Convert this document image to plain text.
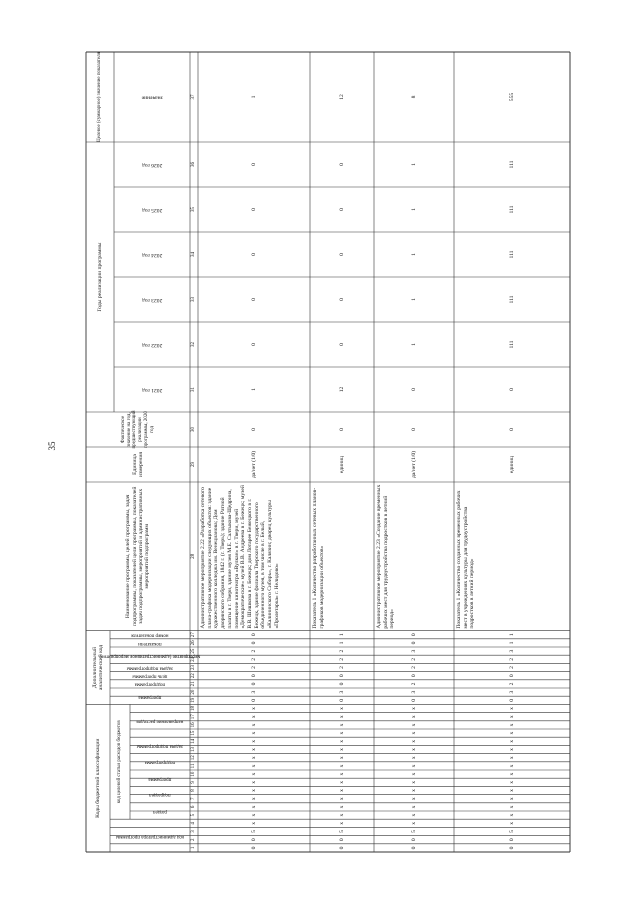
35
Коды бюджетной классификации
Дополнительный аналитический код
код целевой статьи расходов бюджетов
код администратора программы
раздел
подраздел
программа
подпрограмма
задача подпрограммы
направление расходов
программа
подпрограмма
цель программы
задача подпрограммы
мероприятие (административное мероприятие)
показатели
номер показателя
Наименование программы, целей программы, задач подпрограммы, показателей цели программы, показателей задач подпрограммы, мероприятий и административных мероприятий подпрограмм
Единица измерения
Фактическое значение на год, предшествующий реализации программы, 2020 год
Годы реализации программы
2021 год
2022 год
2023 год
2024 год
2025 год
2026 год
Целевое (суммарное) значение показателя	значение
1
2
3
4
5
6
7
8
9
10
11
12
13
14
15
16
17
18
19
20
21
22
23
24
25
26
27
28
29
30
31
32
33
34
35
36
37
0
0
5
х
х
х
х
х
х
х
х
х
х
х
х
х
х
х
0
3
0
0
2
2
2
0
0
Административное мероприятие 2.22 «Разработка сетевого плана-графика модернизации следующих объектов: здание художественного колледжа им. Венецианова; Дом дворянского собрания, 1842 г. (г. Тверь); здание Ратной палаты в г. Твери, здание музея М.Е. Салтыкова-Щедрина, помещение кинотеатра «Вулкан» в г. Твери, музей «Демократические» музей В.В. Андреева в г. Бежецк; музей В.В. Шишкова в г. Бежецк; дом Лотарее Бежецкого в г. Бежецк, здание филиала Тверского государственного объединенного музея, в том числе в г. Белый, «Калининского Сибирь», г. Калязин; дворец культуры «Пролетарка» г. Нелидово»
да/нет (1/0)
0
1
0
0
0
0
0
1
0
0
5
х
х
х
х
х
х
х
х
х
х
х
х
х
х
х
0
3
0
0
2
2
2
1
1
Показатель 1 «Количество разработанных сетевых планов-графиков модернизации объектов»
единиц
0
12
0
0
0
0
0
12
0
0
5
х
х
х
х
х
х
х
х
х
х
х
х
х
х
х
0
3
2
0
2
2
3
0
0
Административное мероприятие 2.23 «Создание временных рабочих мест для трудоустройства подростков в летний период»
да/нет (1/0)
0
0
1
1
1
1
1
8
0
0
5
х
х
х
х
х
х
х
х
х
х
х
х
х
х
х
0
3
2
0
2
2
3
1
1
Показатель 1 «Количество созданных временных рабочих мест в учреждениях культуры для трудоустройства подростков в летний период»
единиц
0
0
111
111
111
111
111
555
